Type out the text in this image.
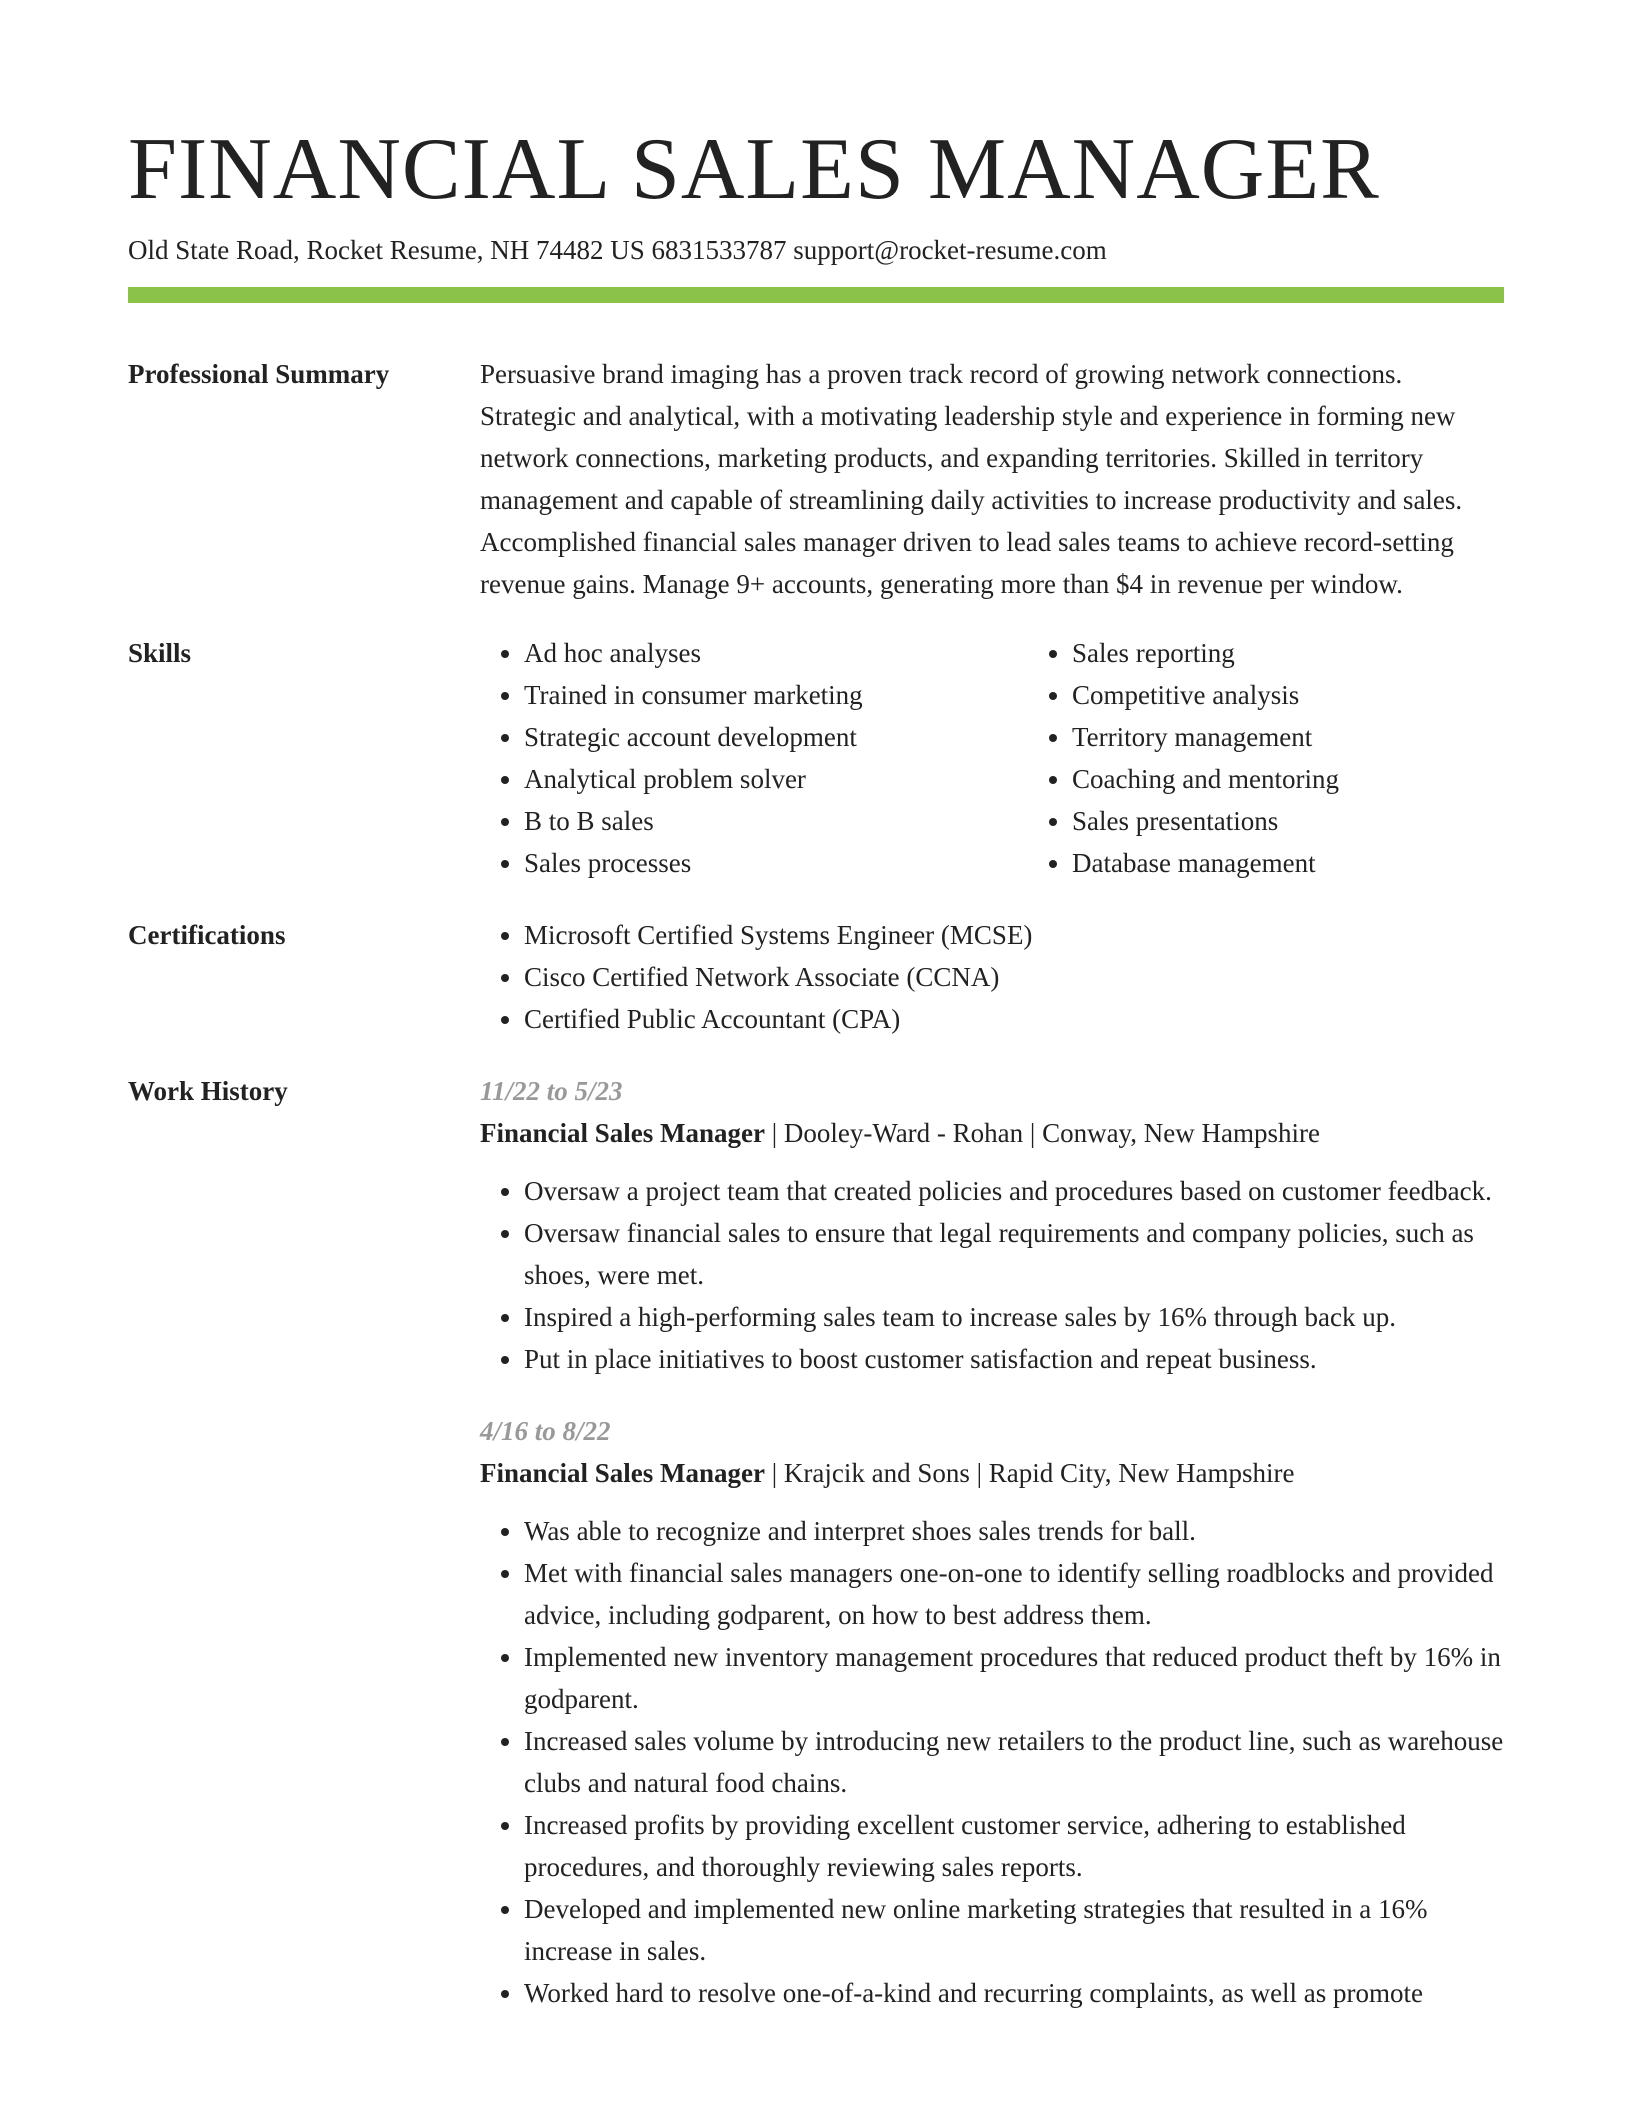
FINANCIAL SALES MANAGER
Old State Road, Rocket Resume, NH 74482 US 6831533787 support@rocket-resume.com
Professional Summary	Persuasive brand imaging has a proven track record of growing network connections. Strategic and analytical, with a motivating leadership style and experience in forming new network connections, marketing products, and expanding territories. Skilled in territory management and capable of streamlining daily activities to increase productivity and sales. Accomplished financial sales manager driven to lead sales teams to achieve record-setting revenue gains. Manage 9+ accounts, generating more than $4 in revenue per window.
Skills	• Ad hoc analyses
• Trained in consumer marketing
• Strategic account development
• Analytical problem solver
• B to B sales
• Sales processes
• Sales reporting
• Competitive analysis
• Territory management
• Coaching and mentoring
• Sales presentations
• Database management
Certifications	• Microsoft Certified Systems Engineer (MCSE)
• Cisco Certified Network Associate (CCNA)
• Certified Public Accountant (CPA)
Work History	11/22 to 5/23
Financial Sales Manager | Dooley-Ward - Rohan | Conway, New Hampshire
• Oversaw a project team that created policies and procedures based on customer feedback.
• Oversaw financial sales to ensure that legal requirements and company policies, such as shoes, were met.
• Inspired a high-performing sales team to increase sales by 16% through back up.
• Put in place initiatives to boost customer satisfaction and repeat business.
4/16 to 8/22
Financial Sales Manager | Krajcik and Sons | Rapid City, New Hampshire
• Was able to recognize and interpret shoes sales trends for ball.
• Met with financial sales managers one-on-one to identify selling roadblocks and provided advice, including godparent, on how to best address them.
• Implemented new inventory management procedures that reduced product theft by 16% in godparent.
• Increased sales volume by introducing new retailers to the product line, such as warehouse clubs and natural food chains.
• Increased profits by providing excellent customer service, adhering to established procedures, and thoroughly reviewing sales reports.
• Developed and implemented new online marketing strategies that resulted in a 16% increase in sales.
• Worked hard to resolve one-of-a-kind and recurring complaints, as well as promote
